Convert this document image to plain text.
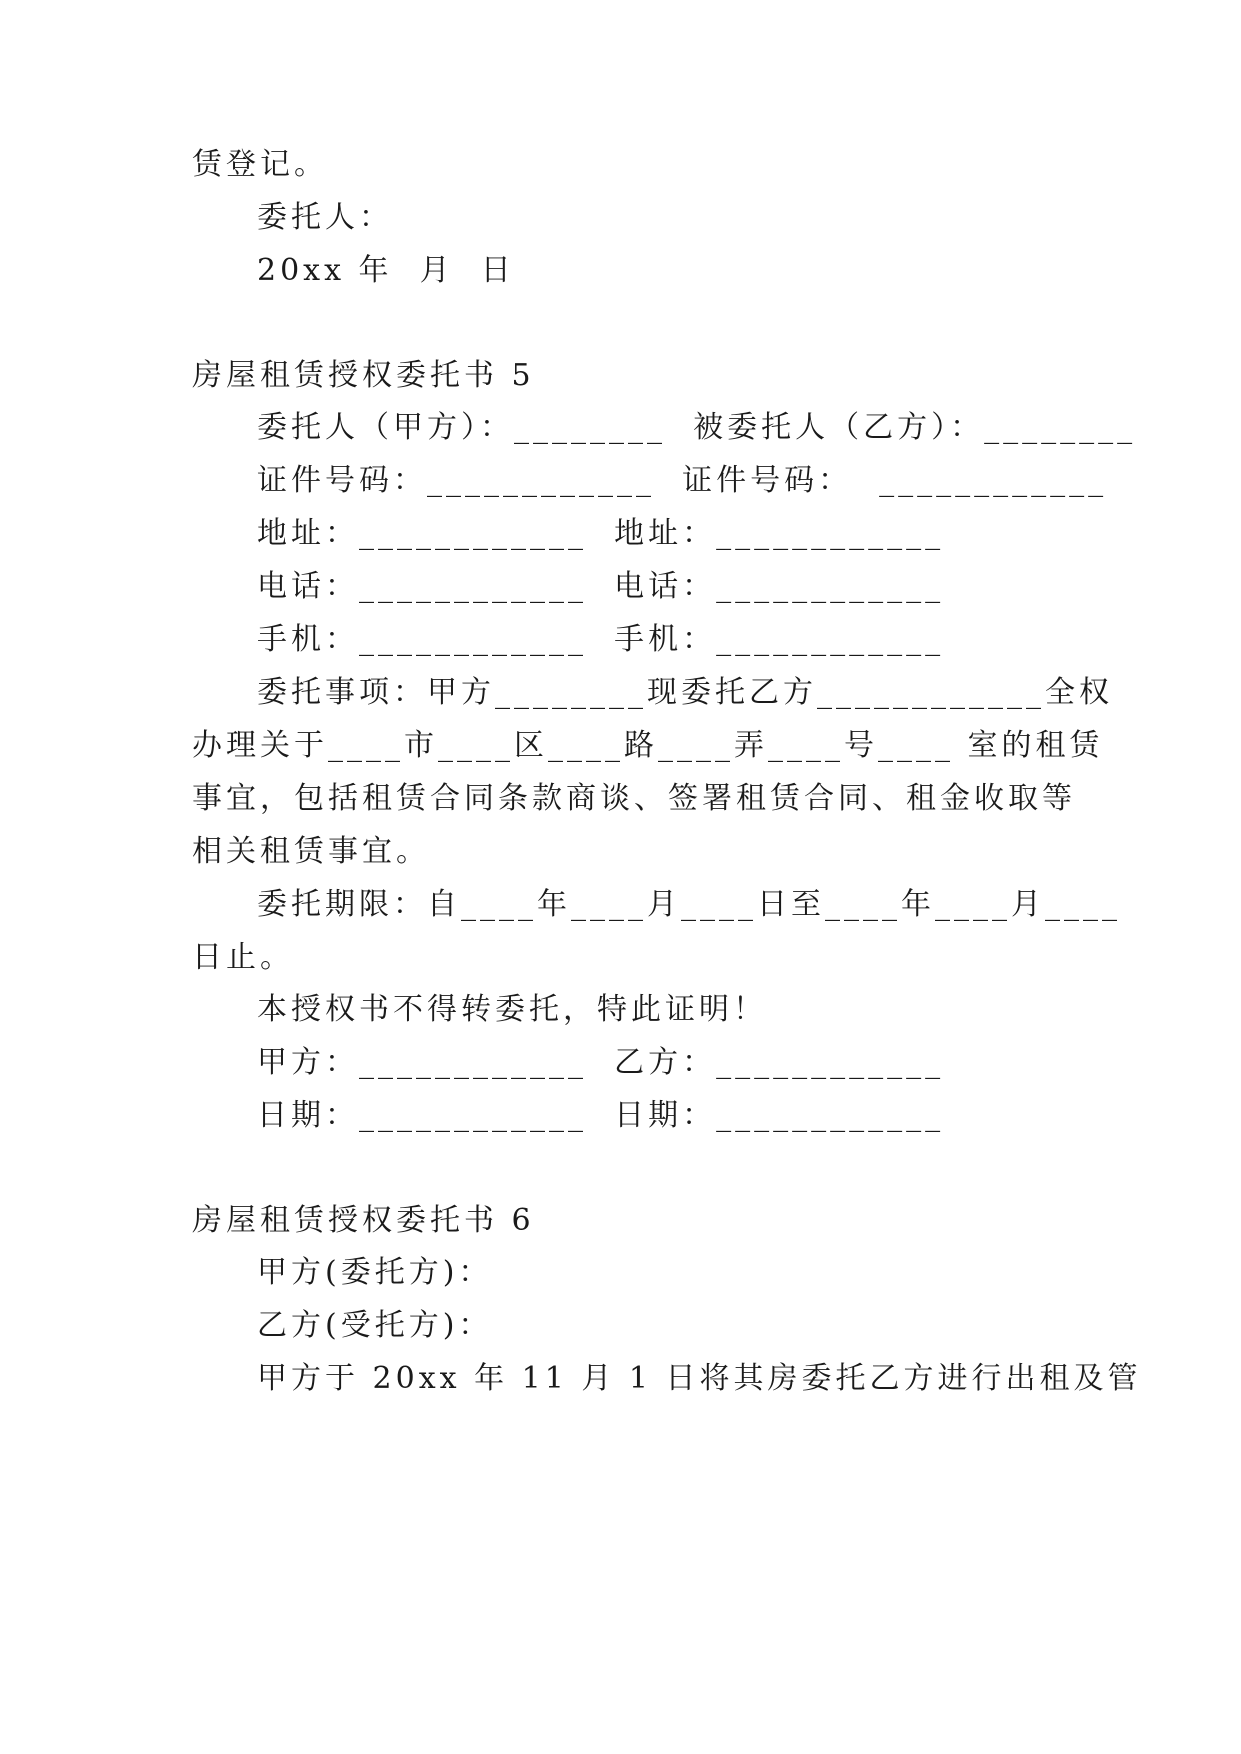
赁登记。
委托人：
20xx 年  月  日
房屋租赁授权委托书 5
委托人（甲方）：________  被委托人（乙方）：________
证件号码：____________  证件号码：  ____________
地址：____________  地址：____________
电话：____________  电话：____________
手机：____________  手机：____________
委托事项：甲方________现委托乙方____________全权
办理关于____市____区____路____弄____号____ 室的租赁
事宜，包括租赁合同条款商谈、签署租赁合同、租金收取等
相关租赁事宜。
委托期限：自____年____月____日至____年____月____
日止。
本授权书不得转委托，特此证明！
甲方：____________  乙方：____________
日期：____________  日期：____________
房屋租赁授权委托书 6
甲方(委托方)：
乙方(受托方)：
甲方于 20xx 年 11 月 1 日将其房委托乙方进行出租及管
